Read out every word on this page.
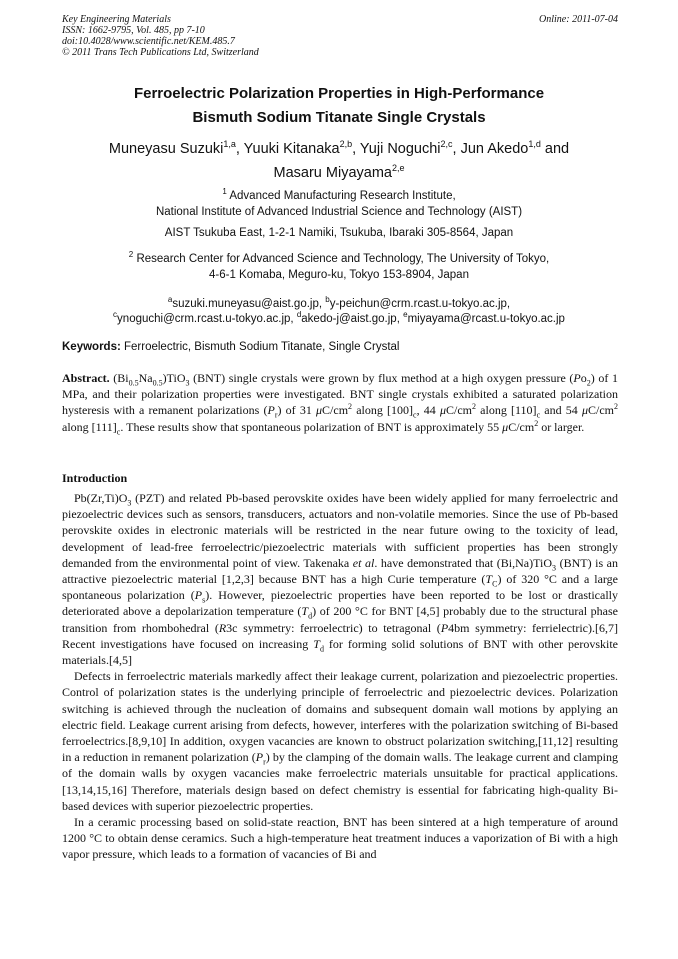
Key Engineering Materials
ISSN: 1662-9795, Vol. 485, pp 7-10
doi:10.4028/www.scientific.net/KEM.485.7
© 2011 Trans Tech Publications Ltd, Switzerland
Online: 2011-07-04
Ferroelectric Polarization Properties in High-Performance
Bismuth Sodium Titanate Single Crystals
Muneyasu Suzuki$^{1,a}$, Yuuki Kitanaka$^{2,b}$, Yuji Noguchi$^{2,c}$, Jun Akedo$^{1,d}$ and
Masaru Miyayama$^{2,e}$
$^1$ Advanced Manufacturing Research Institute,
National Institute of Advanced Industrial Science and Technology (AIST)
AIST Tsukuba East, 1-2-1 Namiki, Tsukuba, Ibaraki 305-8564, Japan
$^2$ Research Center for Advanced Science and Technology, The University of Tokyo,
4-6-1 Komaba, Meguro-ku, Tokyo 153-8904, Japan
$^a$suzuki.muneyasu@aist.go.jp, $^b$y-peichun@crm.rcast.u-tokyo.ac.jp,
$^c$ynoguchi@crm.rcast.u-tokyo.ac.jp, $^d$akedo-j@aist.go.jp, $^e$miyayama@rcast.u-tokyo.ac.jp
Keywords: Ferroelectric, Bismuth Sodium Titanate, Single Crystal
Abstract. $(Bi_{0.5}Na_{0.5})TiO_3$ (BNT) single crystals were grown by flux method at a high oxygen pressure $(Po_2)$ of 1 MPa, and their polarization properties were investigated. BNT single crystals exhibited a saturated polarization hysteresis with a remanent polarizations $(P_r)$ of 31 $\mu C/cm^2$ along $[100]_c$, 44 $\mu C/cm^2$ along $[110]_c$ and 54 $\mu C/cm^2$ along $[111]_c$. These results show that spontaneous polarization of BNT is approximately 55 $\mu C/cm^2$ or larger.
Introduction

$Pb(Zr,Ti)O_3$ (PZT) and related Pb-based perovskite oxides have been widely applied for many ferroelectric and piezoelectric devices such as sensors, transducers, actuators and non-volatile memories. Since the use of Pb-based perovskite oxides in electronic materials will be restricted in the near future owing to the toxicity of lead, development of lead-free ferroelectric/piezoelectric materials with sufficient properties has been strongly demanded from the environmental point of view. Takenaka et al. have demonstrated that (Bi,Na)TiO$_3$ (BNT) is an attractive piezoelectric material [1,2,3] because BNT has a high Curie temperature $(T_C)$ of 320 °C and a large spontaneous polarization $(P_s)$. However, piezoelectric properties have been reported to be lost or drastically deteriorated above a depolarization temperature $(T_d)$ of 200 °C for BNT [4,5] probably due to the structural phase transition from rhombohedral (R3c symmetry: ferroelectric) to tetragonal (P4bm symmetry: ferrielectric).[6,7] Recent investigations have focused on increasing $T_d$ for forming solid solutions of BNT with other perovskite materials.[4,5]

Defects in ferroelectric materials markedly affect their leakage current, polarization and piezoelectric properties. Control of polarization states is the underlying principle of ferroelectric and piezoelectric devices. Polarization switching is achieved through the nucleation of domains and subsequent domain wall motions by applying an electric field. Leakage current arising from defects, however, interferes with the polarization switching of Bi-based ferroelectrics.[8,9,10] In addition, oxygen vacancies are known to obstruct polarization switching,[11,12] resulting in a reduction in remanent polarization $(P_r)$ by the clamping of the domain walls. The leakage current and clamping of the domain walls by oxygen vacancies make ferroelectric materials unsuitable for practical applications.[13,14,15,16] Therefore, materials design based on defect chemistry is essential for fabricating high-quality Bi-based devices with superior piezoelectric properties.

In a ceramic processing based on solid-state reaction, BNT has been sintered at a high temperature of around 1200 °C to obtain dense ceramics. Such a high-temperature heat treatment induces a vaporization of Bi with a high vapor pressure, which leads to a formation of vacancies of Bi and
